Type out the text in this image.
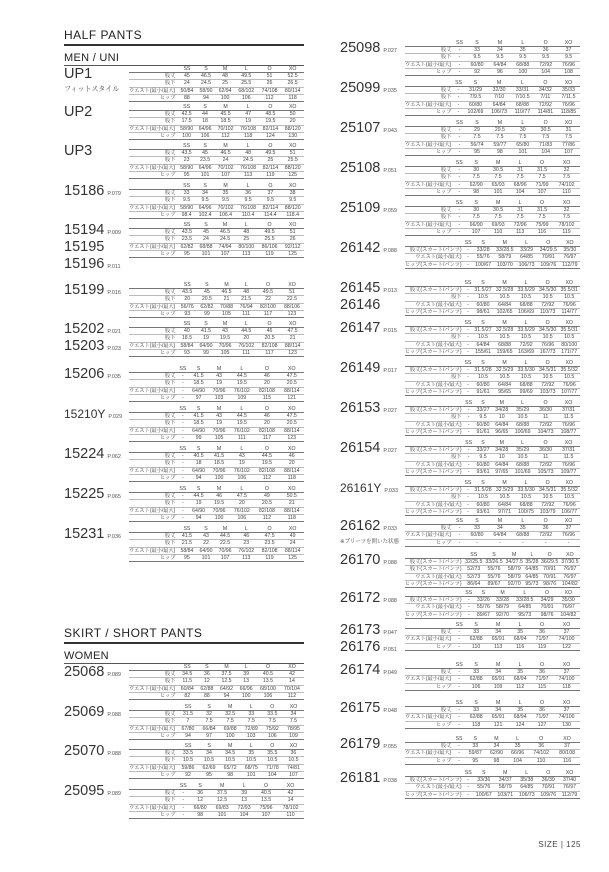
HALF PANTS
MEN / UNI
UP1
フィットスタイル
	SS	S	M	L	O	XO
股丈	45	46.5	48	49.5	51	52.5
股下	24	24.5	25	25.5	26	26.5
ウエスト(最小/最大)	50/84	58/90	62/94	68/102	74/108	80/114
ヒップ	88	94	100	106	112	118
UP2
		SS	S	M	L	O	XO
股丈	42.5	44	45.5	47	48.5	50
股下	17.5	18	18.5	19	19.5	20
ウエスト(最小/最大)	58/90	64/96	70/102	76/108	82/114	88/120
ヒップ	100	106	112	118	124	130
UP3
		SS	S	M	L	O	XO
股丈	43.5	45	46.5	48	49.5	51
股下	23	23.5	24	24.5	25	25.5
ウエスト(最小/最大)	58/90	64/96	70/102	76/108	82/114	88/120
ヒップ	95	101	107	113	119	125
15186 $^{P.079}$
	SS	S	M	L	O	XO
股丈	33	34	35	36	37	38
股下	9.5	9.5	9.5	9.5	9.5	9.5
ウエスト(最小/最大)	58/90	64/96	70/102	76/108	82/114	88/120
ヒップ	98.4	102.4	106.4	110.4	114.4	118.4
15194 $^{P.009}$
15195
15196 $^{P.011}$
	SS	S	M	L	O	XO
股丈	43.5	45	46.5	48	49.5	51
股下	23.5	24	24.5	25	25.5	26
ウエスト(最小/最大)	62/82	68/88	74/94	80/100	86/106	92/112
ヒップ	95	101	107	113	119	125
15199 $^{P.016}$
	SS	S	M	L	O	XO
股丈	43.5	45	46.5	48	49.5	51
股下	20	20.5	21	21.5	22	22.5
ウエスト(最小/最大)	56/76	62/82	70/88	76/94	82/100	88/106
ヒップ	93	99	105	111	117	123
15202 $^{P.021}$
15203 $^{P.023}$
	SS	S	M	L	O	XO
股丈	40	41.5	43	44.5	46	47.5
股下	18.5	19	19.5	20	20.5	21
ウエスト(最小/最大)	58/84	64/90	70/96	76/102	82/108	88/114
ヒップ	93	99	105	111	117	123
15206 $^{P.035}$
	SS	S	M	L	O	XO
股丈	-	41.5	43	44.5	46	47.5
股下	-	18.5	19	19.5	20	20.5
ウエスト(最小/最大)	-	64/90	70/96	76/102	82/108	88/114
ヒップ	-	97	103	109	115	121
15210Y $^{P.029}$
	SS	S	M	L	O	XO
股丈	-	41.5	43	44.5	46	47.5
股下	-	18.5	19	19.5	20	20.5
ウエスト(最小/最大)	-	64/90	70/96	76/102	82/108	88/114
ヒップ	-	99	105	111	117	123
15224 $^{P.062}$
	SS	S	M	L	O	XO
股丈	-	40.5	41.5	43	44.5	46
股下	-	18	18.5	19	19.5	20
ウエスト(最小/最大)	-	64/90	70/96	76/102	82/108	88/114
ヒップ	-	94	100	106	112	118
15225 $^{P.065}$
	SS	S	M	L	O	XO
股丈	-	44.5	46	47.5	49	50.5
股下	-	19	19.5	20	20.5	21
ウエスト(最小/最大)	-	64/90	70/96	76/102	82/108	88/114
ヒップ	-	94	100	106	112	118
15231 $^{P.036}$
	SS	S	M	L	O	XO
股丈	41.5	43	44.5	46	47.5	49
股下	21.5	22	22.5	23	23.5	24
ウエスト(最小/最大)	58/84	64/90	70/96	76/102	82/108	88/114
ヒップ	95	101	107	113	119	125
SKIRT / SHORT PANTS
WOMEN
25068 $^{P.089}$
	SS	S	M	L	O	XO
股丈	34.5	36	37.5	39	40.5	42
股下	11.5	12	12.5	13	13.5	14
ウエスト(最小/最大)	60/84	62/88	64/92	66/96	68/100	70/104
ヒップ	82	88	94	100	106	112
25069 $^{P.088}$
	SS	S	M	L	O	XO
股丈	31.5	32	32.5	33	33.5	34
股下	7	7.5	7.5	7.5	7.5	7.5
ウエスト(最小/最大)	67/80	66/84	69/88	72/89	75/92	78/95
ヒップ	94	97	100	103	106	109
25070 $^{P.088}$
	SS	S	M	L	O	XO
股丈	33.5	34	34.5	35	35.5	36
股下	10.5	10.5	10.5	10.5	10.5	10.5
ウエスト(最小/最大)	59/86	62/69	65/72	68/75	71/78	74/81
ヒップ	92	95	98	101	104	107
25095 $^{P.089}$
	SS	S	M	L	O	XO
股丈	-	36	37.5	39	40.5	42
股下	-	12	12.5	13	13.5	14
ウエスト(最小/最大)	-	66/80	69/83	72/93	75/96	78/102
ヒップ	-	98	101	104	107	110
25098 $^{P.027}$
	SS	S	M	L	O	XO
股丈	-	33	34	35	36	37
股下	-	9.5	9.5	9.5	9.5	9.5
ウエスト(最小/最大)	-	60/80	64/84	68/88	72/92	76/96
ヒップ	-	92	96	100	104	108
25099 $^{P.035}$
	SS	S	M	L	O	XO
股丈	-	31/29	32/30	33/31	34/32	35/33
股下	-	7/9.5	7/10	7/10.5	7/11	7/11.5
ウエスト(最小/最大)	-	60/80	64/84	68/88	72/92	76/96
ヒップ	-	102/69	106/73	110/77	114/81	118/85
25107 $^{P.043}$
	SS	S	M	L	O	XO
股丈	-	29	29.5	30	30.5	31
股下	-	7.5	7.5	7.5	7.5	7.5
ウエスト(最小/最大)	-	56/74	59/77	65/80	71/83	77/86
ヒップ	-	95	98	101	104	107
25108 $^{P.051}$
	SS	S	M	L	O	XO
股丈	-	30	30.5	31	31.5	32
股下	-	7.5	7.5	7.5	7.5	7.5
ウエスト(最小/最大)	-	62/90	65/93	68/96	71/99	74/102
ヒップ	-	98	101	104	107	110
25109 $^{P.059}$
	SS	S	M	L	O	XO
股丈	-	30	30.5	31	31.5	32
股下	-	7.5	7.5	7.5	7.5	7.5
ウエスト(最小/最大)	-	66/90	69/93	72/96	75/99	78/102
ヒップ	-	107	110	113	116	119
26142 $^{P.088}$
	SS	S	M	L	O	XO
股丈(スカート/パンツ)	-	33/28	33/28.5	33/29	34/29.5	35/30
ウエスト(最小/最大)	-	55/76	58/79	64/85	70/91	76/97
ヒップ(スカート/パンツ)	-	100/67	103/70	106/73	109/76	112/79
26145 $^{P.013}$
26146
	SS	S	M	L	O	XO
股丈(スカート/パンツ)	-	31.5/27	32.5/28	33.5/29	34.5/30	35.5/31
股下	-	10.5	10.5	10.5	10.5	10.5
ウエスト(最小/最大)	-	60/80	64/84	68/88	72/92	76/96
ヒップ(スカート/パンツ)	-	98/61	102/65	106/69	110/73	114/77
26147 $^{P.015}$
	SS	S	M	L	O	XO
股丈(スカート/パンツ)	-	31.5/27	32.5/28	33.5/29	34.5/30	35.5/31
股下	-	10.5	10.5	10.5	10.5	10.5
ウエスト(最小/最大)	-	64/84	68/88	72/92	76/96	80/100
ヒップ(スカート/パンツ)	-	155/61	159/65	163/69	167/73	171/77
26149 $^{P.017}$
	SS	S	M	L	O	XO
股丈(スカート/パンツ)	-	31.5/28	32.5/29	33.5/30	34.5/31	35.5/32
股下	-	10.5	10.5	10.5	10.5	10.5
ウエスト(最小/最大)	-	60/80	64/84	68/88	72/92	76/96
ヒップ(スカート/パンツ)	-	91/61	95/65	99/69	103/73	107/77
26153 $^{P.027}$
	SS	S	M	L	O	XO
股丈(スカート/パンツ)	-	33/27	34/28	35/29	36/30	37/31
股下	-	9.5	10	10.5	11	11.5
ウエスト(最小/最大)	-	60/80	64/84	68/88	72/92	76/96
ヒップ(スカート/パンツ)	-	91/61	96/65	100/69	104/73	108/77
26154 $^{P.027}$
	SS	S	M	L	O	XO
股丈(スカート/パンツ)	-	33/27	34/28	35/29	36/30	37/31
股下	-	9.5	10	10.5	11	11.5
ウエスト(最小/最大)	-	60/80	64/84	68/88	72/92	76/96
ヒップ(スカート/パンツ)	-	93/61	97/65	101/69	105/73	109/77
26161Y $^{P.033}$
	SS	S	M	L	O	XO
股丈(スカート/パンツ)	-	31.5/28	32.5/29	33.5/30	34.5/31	35.5/32
股下	-	10.5	10.5	10.5	10.5	10.5
ウエスト(最小/最大)	-	60/80	64/84	68/88	72/92	76/96
ヒップ(スカート/パンツ)	-	93/61	97/71	100/75	103/79	106/77
26162 $^{P.033}$
※プリーツを開いた状態
	SS	S	M	L	O	XO
股丈	-	33	34	35	36	37
ウエスト(最小/最大)	-	60/80	64/84	68/88	72/92	76/96
ヒップ	-	-	-	-	-	-
26170 $^{P.088}$
	SS	S	M	L	O	XO
股丈(スカート/パンツ)	32/25.5	33/26.5	34/27.5	35/28	36/29.5	37/30.5
股下(スカート/パンツ)	52/73	55/76	58/79	64/85	70/91	76/97
ウエスト(最小/最大)	52/73	55/76	58/79	64/85	70/91	76/97
ヒップ(スカート/パンツ)	86/64	89/67	92/70	95/73	98/76	104/82
26172 $^{P.088}$
	SS	S	M	L	O	XO
股丈(スカート/パンツ)	-	33/26	33/28	33/28.5	34/29	35/30
ウエスト(最小/最大)	-	55/76	58/79	64/85	70/91	76/97
ヒップ(スカート/パンツ)	-	89/67	92/70	95/73	98/76	104/82
26173 $^{P.047}$
26176 $^{P.051}$
	SS	S	M	L	O	XO
股丈	-	33	34	35	36	37
ウエスト(最小/最大)	-	62/88	65/91	68/94	71/97	74/100
ヒップ	-	110	113	116	119	122
26174 $^{P.049}$
	SS	S	M	L	O	XO
股丈	-	33	34	35	36	37
ウエスト(最小/最大)	-	62/88	65/91	68/94	71/97	74/100
ヒップ	-	106	109	112	115	118
26175 $^{P.048}$
	SS	S	M	L	O	XO
股丈	-	33	34	35	36	37
ウエスト(最小/最大)	-	62/88	65/91	68/94	71/97	74/100
ヒップ	-	118	121	124	127	130
26179 $^{P.055}$
	SS	S	M	L	O	XO
股丈	-	33	34	35	36	37
ウエスト(最小/最大)	-	59/87	62/90	66/96	74/102	80/108
ヒップ	-	95	98	104	110	116
26181 $^{P.038}$
	SS	S	M	L	O	XO
股丈(スカート/パンツ)	-	33/36	34/37	35/38	36/39	37/40
ウエスト(最小/最大)	-	55/76	58/79	64/85	70/91	76/97
ヒップ(スカート/パンツ)	-	100/67	103/71	106/73	109/76	112/79
SIZE | 125
